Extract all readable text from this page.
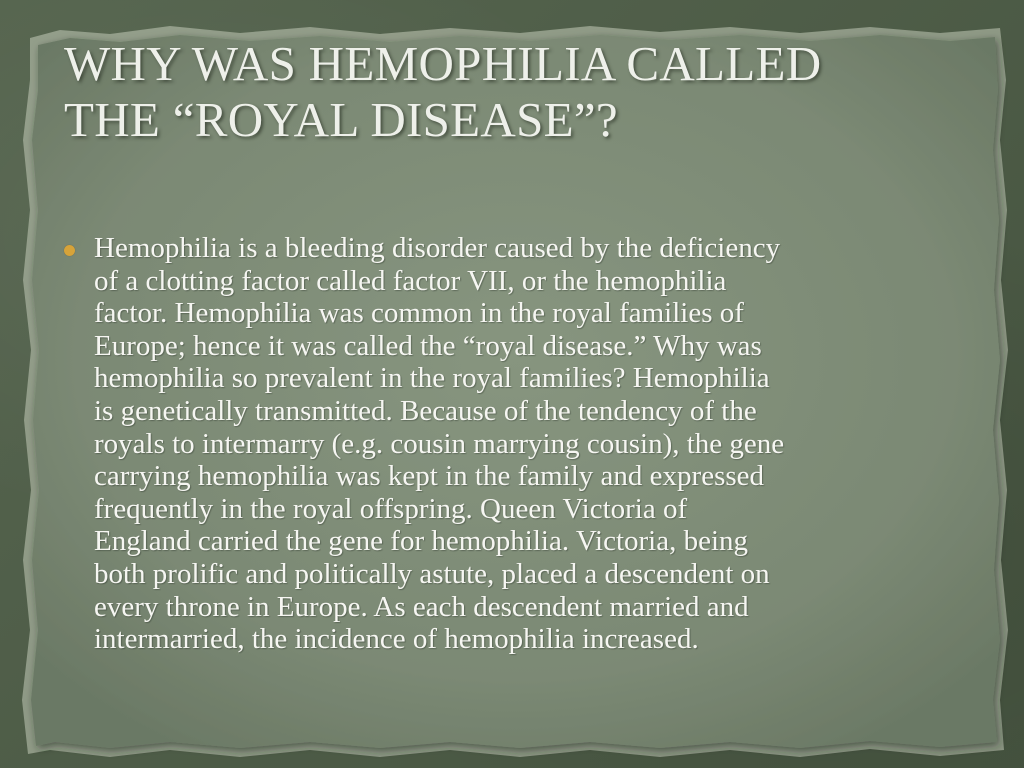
WHY WAS HEMOPHILIA CALLED
THE “ROYAL DISEASE”?
Hemophilia is a bleeding disorder caused by the deficiency
of a clotting factor called factor VII, or the hemophilia
factor. Hemophilia was common in the royal families of
Europe; hence it was called the “royal disease.” Why was
hemophilia so prevalent in the royal families? Hemophilia
is genetically transmitted. Because of the tendency of the
royals to intermarry (e.g. cousin marrying cousin), the gene
carrying hemophilia was kept in the family and expressed
frequently in the royal offspring. Queen Victoria of
England carried the gene for hemophilia. Victoria, being
both prolific and politically astute, placed a descendent on
every throne in Europe. As each descendent married and
intermarried, the incidence of hemophilia increased.
